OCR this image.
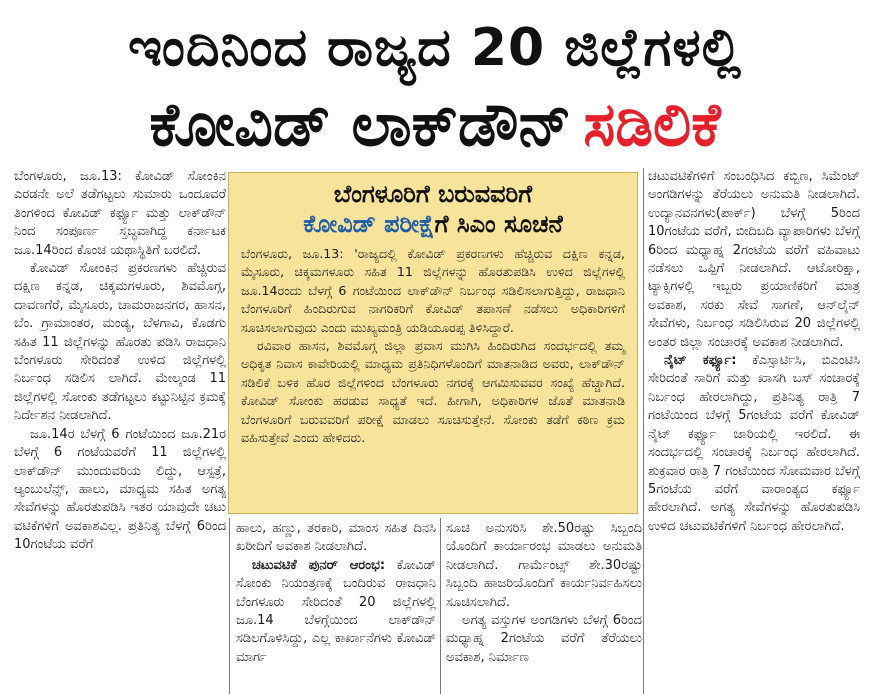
ಇಂದಿನಿಂದ ರಾಜ್ಯದ 20 ಜಿಲ್ಲೆಗಳಲ್ಲಿ
ಕೋವಿಡ್ ಲಾಕ್‌ಡೌನ್ ಸಡಿಲಿಕೆ

ಬೆಂಗಳೂರು, ಜೂ.13: ಕೋವಿಡ್ ಸೋಂಕಿನ ಎರಡನೇ ಅಲೆ ತಡೆಗಟ್ಟಲು ಸುಮಾರು ಒಂದೂವರೆ ತಿಂಗಳಿಂದ ಕೋವಿಡ್ ಕರ್ಫ್ಯೂ ಮತ್ತು ಲಾಕ್‌ಡೌನ್ ನಿಂದ ಸಂಪೂರ್ಣ ಸ್ತಬ್ಧವಾಗಿದ್ದ ಕರ್ನಾಟಕ ಜೂ.14ರಿಂದ ಕೊಂಚ ಯಥಾಸ್ಥಿತಿಗೆ ಬರಲಿದೆ.

ಕೋವಿಡ್ ಸೋಂಕಿನ ಪ್ರಕರಣಗಳು ಹೆಚ್ಚಿರುವ ದಕ್ಷಿಣ ಕನ್ನಡ, ಚಿಕ್ಕಮಗಳೂರು, ಶಿವಮೊಗ್ಗ, ದಾವಣಗೆರೆ, ಮೈಸೂರು, ಚಾಮರಾಜನಗರ, ಹಾಸನ, ಬೆಂ. ಗ್ರಾಮಾಂತರ, ಮಂಡ್ಯ, ಬೆಳಗಾವಿ, ಕೊಡಗು ಸಹಿತ 11 ಜಿಲ್ಲೆಗಳನ್ನು ಹೊರತು ಪಡಿಸಿ ರಾಜಧಾನಿ ಬೆಂಗಳೂರು ಸೇರಿದಂತೆ ಉಳಿದ ಜಿಲ್ಲೆಗಳಲ್ಲಿ ನಿರ್ಬಂಧ ಸಡಿಲಿಸ ಲಾಗಿದೆ. ಮೇಲ್ಕಂಡ 11 ಜಿಲ್ಲೆಗಳಲ್ಲಿ ಸೋಂಕು ತಡೆಗಟ್ಟಲು ಕಟ್ಟುನಿಟ್ಟಿನ ಕ್ರಮಕ್ಕೆ ನಿರ್ದೇಶನ ನೀಡಲಾಗಿದೆ.

ಜೂ.14ರ ಬೆಳಗ್ಗೆ 6 ಗಂಟೆಯಿಂದ ಜೂ.21ರ ಬೆಳಗ್ಗೆ 6 ಗಂಟೆಯವರೆಗೆ 11 ಜಿಲ್ಲೆಗಳಲ್ಲಿ ಲಾಕ್‌ಡೌನ್ ಮುಂದುವರಿಯ ಲಿದ್ದು, ಆಸ್ಪತ್ರೆ, ಆ್ಯಂಬುಲೆನ್ಸ್, ಹಾಲು, ಮಾಧ್ಯಮ ಸಹಿತ ಅಗತ್ಯ ಸೇವೆಗಳನ್ನು ಹೊರತುಪಡಿಸಿ ಇತರ ಯಾವುದೇ ಚಟು ವಟಿಕೆಗಳಿಗೆ ಅವಕಾಶವಿಲ್ಲ. ಪ್ರತಿನಿತ್ಯ ಬೆಳಗ್ಗೆ 6ರಿಂದ 10ಗಂಟೆಯ ವರೆಗೆ

ಬೆಂಗಳೂರಿಗೆ ಬರುವವರಿಗೆ
ಕೋವಿಡ್ ಪರೀಕ್ಷೆಗೆ ಸಿಎಂ ಸೂಚನೆ

ಬೆಂಗಳೂರು, ಜೂ.13: 'ರಾಜ್ಯದಲ್ಲಿ ಕೋವಿಡ್ ಪ್ರಕರಣಗಳು ಹೆಚ್ಚಿರುವ ದಕ್ಷಿಣ ಕನ್ನಡ, ಮೈಸೂರು, ಚಿಕ್ಕಮಗಳೂರು ಸಹಿತ 11 ಜಿಲ್ಲೆಗಳನ್ನು ಹೊರತುಪಡಿಸಿ ಉಳಿದ ಜಿಲ್ಲೆಗಳಲ್ಲಿ ಜೂ.14ರಂದು ಬೆಳಗ್ಗೆ 6 ಗಂಟೆಯಿಂದ ಲಾಕ್‌ಡೌನ್ ನಿರ್ಬಂಧ ಸಡಿಲಿಸಲಾಗುತ್ತಿದ್ದು, ರಾಜಧಾನಿ ಬೆಂಗಳೂರಿಗೆ ಹಿಂದಿರುಗುವ ನಾಗರಿಕರಿಗೆ ಕೋವಿಡ್ ತಪಾಸಣೆ ನಡೆಸಲು ಅಧಿಕಾರಿಗಳಿಗೆ ಸೂಚಿಸಲಾಗುವುದು ಎಂದು ಮುಖ್ಯಮಂತ್ರಿ ಯಡಿಯೂರಪ್ಪ ತಿಳಿಸಿದ್ದಾರೆ.

ರವಿವಾರ ಹಾಸನ, ಶಿವಮೊಗ್ಗ ಜಿಲ್ಲಾ ಪ್ರವಾಸ ಮುಗಿಸಿ ಹಿಂದಿರುಗಿದ ಸಂದರ್ಭದಲ್ಲಿ ತಮ್ಮ ಅಧಿಕೃತ ನಿವಾಸ ಕಾವೇರಿಯಲ್ಲಿ ಮಾಧ್ಯಮ ಪ್ರತಿನಿಧಿಗಳೊಂದಿಗೆ ಮಾತನಾಡಿದ ಅವರು, ಲಾಕ್‌ಡೌನ್ ಸಡಿಲಿಕೆ ಬಳಿಕ ಹೊರ ಜಿಲ್ಲೆಗಳಿಂದ ಬೆಂಗಳೂರು ನಗರಕ್ಕೆ ಆಗಮಿಸುವವರ ಸಂಖ್ಯೆ ಹೆಚ್ಚಾಗಿದೆ. ಕೋವಿಡ್ ಸೋಂಕು ಹರಡುವ ಸಾಧ್ಯತೆ ಇದೆ. ಹೀಗಾಗಿ, ಅಧಿಕಾರಿಗಳ ಜೊತೆ ಮಾತನಾಡಿ ಬೆಂಗಳೂರಿಗೆ ಬರುವವರಿಗೆ ಪರೀಕ್ಷೆ ಮಾಡಲು ಸೂಚಿಸುತ್ತೇನೆ. ಸೋಂಕು ತಡೆಗೆ ಕಠಿಣ ಕ್ರಮ ವಹಿಸುತ್ತೇವೆ ಎಂದು ಹೇಳಿದರು.

ಹಾಲು, ಹಣ್ಣು, ತರಕಾರಿ, ಮಾಂಸ ಸಹಿತ ದಿನಸಿ ಖರೀದಿಗೆ ಅವಕಾಶ ನೀಡಲಾಗಿದೆ.

ಚಟುವಟಿಕೆ ಪುನರ್ ಆರಂಭ: ಕೋವಿಡ್ ಸೋಂಕು ನಿಯಂತ್ರಣಕ್ಕೆ ಬಂದಿರುವ ರಾಜಧಾನಿ ಬೆಂಗಳೂರು ಸೇರಿದಂತೆ 20 ಜಿಲ್ಲೆಗಳಲ್ಲಿ ಜೂ.14 ಬೆಳಗ್ಗೆಯಿಂದ ಲಾಕ್‌ಡೌನ್ ಸಡಿಲಗೊಳಿಸಿದ್ದು, ಎಲ್ಲ ಕಾರ್ಖಾನೆಗಳು ಕೋವಿಡ್ ಮಾರ್ಗ

ಸೂಚಿ ಅನುಸರಿಸಿ ಶೇ.50ರಷ್ಟು ಸಿಬ್ಬಂದಿ ಯೊಂದಿಗೆ ಕಾರ್ಯಾರಂಭ ಮಾಡಲು ಅನುಮತಿ ನೀಡಲಾಗಿದೆ. ಗಾರ್ಮೆಂಟ್ಸ್ ಶೇ.30ರಷ್ಟು ಸಿಬ್ಬಂದಿ ಹಾಜರಿಯೊಂದಿಗೆ ಕಾರ್ಯನಿರ್ವಹಿಸಲು ಸೂಚಿಸಲಾಗಿದೆ.

ಅಗತ್ಯ ವಸ್ತುಗಳ ಅಂಗಡಿಗಳು ಬೆಳಗ್ಗೆ 6ರಿಂದ ಮಧ್ಯಾಹ್ನ 2ಗಂಟೆಯ ವರೆಗೆ ತೆರೆಯಲು ಅವಕಾಶ, ನಿರ್ಮಾಣ

ಚಟುವಟಿಕೆಗಳಿಗೆ ಸಂಬಂಧಿಸಿದ ಕಬ್ಬಿಣ, ಸಿಮೆಂಟ್ ಅಂಗಡಿಗಳನ್ನು ತೆರೆಯಲು ಅನುಮತಿ ನೀಡಲಾಗಿದೆ. ಉದ್ಯಾನವನಗಳು(ಪಾರ್ಕ್) ಬೆಳಗ್ಗೆ 5ರಿಂದ 10ಗಂಟೆಯ ವರೆಗೆ, ಬೀದಿಬದಿ ವ್ಯಾಪಾರಿಗಳು ಬೆಳಗ್ಗೆ 6ರಿಂದ ಮಧ್ಯಾಹ್ನ 2ಗಂಟೆಯ ವರೆಗೆ ವಹಿವಾಟು ನಡೆಸಲು ಒಪ್ಪಿಗೆ ನೀಡಲಾಗಿದೆ. ಆಟೋರಿಕ್ಷಾ, ಟ್ಯಾಕ್ಸಿಗಳಲ್ಲಿ ಇಬ್ಬರು ಪ್ರಯಾಣಿಕರಿಗೆ ಮಾತ್ರ ಅವಕಾಶ, ಸರಕು ಸೇವೆ ಸಾಗಣೆ, ಆನ್‌ಲೈನ್ ಸೇವೆಗಳು, ನಿರ್ಬಂಧ ಸಡಿಲಿಸಿರುವ 20 ಜಿಲ್ಲೆಗಳಲ್ಲಿ ಅಂತರ ಜಿಲ್ಲಾ ಸಂಚಾರಕ್ಕೆ ಅವಕಾಶ ನೀಡಲಾಗಿದೆ.

ನೈಟ್ ಕರ್ಫ್ಯೂ: ಕೆಎಸ್ಸಾರ್ಟಿಸಿ, ಬಿಎಂಟಿಸಿ ಸೇರಿದಂತೆ ಸಾರಿಗೆ ಮತ್ತು ಖಾಸಗಿ ಬಸ್ ಸಂಚಾರಕ್ಕೆ ನಿರ್ಬಂಧ ಹೇರಲಾಗಿದ್ದು, ಪ್ರತಿನಿತ್ಯ ರಾತ್ರಿ 7 ಗಂಟೆಯಿಂದ ಬೆಳಗ್ಗೆ 5ಗಂಟೆಯ ವರೆಗೆ ಕೋವಿಡ್ ನೈಟ್ ಕರ್ಫ್ಯೂ ಜಾರಿಯಲ್ಲಿ ಇರಲಿದೆ. ಈ ಸಂದರ್ಭದಲ್ಲಿ ಸಂಚಾರಕ್ಕೆ ನಿರ್ಬಂಧ ಹೇರಲಾಗಿದೆ. ಶುಕ್ರವಾರ ರಾತ್ರಿ 7 ಗಂಟೆಯಿಂದ ಸೋಮವಾರ ಬೆಳಗ್ಗೆ 5ಗಂಟೆಯ ವರೆಗೆ ವಾರಾಂತ್ಯದ ಕರ್ಫ್ಯೂ ಹೇರಲಾಗಿದೆ. ಅಗತ್ಯ ಸೇವೆಗಳನ್ನು ಹೊರತುಪಡಿಸಿ ಉಳಿದ ಚಟುವಟಿಕೆಗಳಿಗೆ ನಿರ್ಬಂಧ ಹೇರಲಾಗಿದೆ.
